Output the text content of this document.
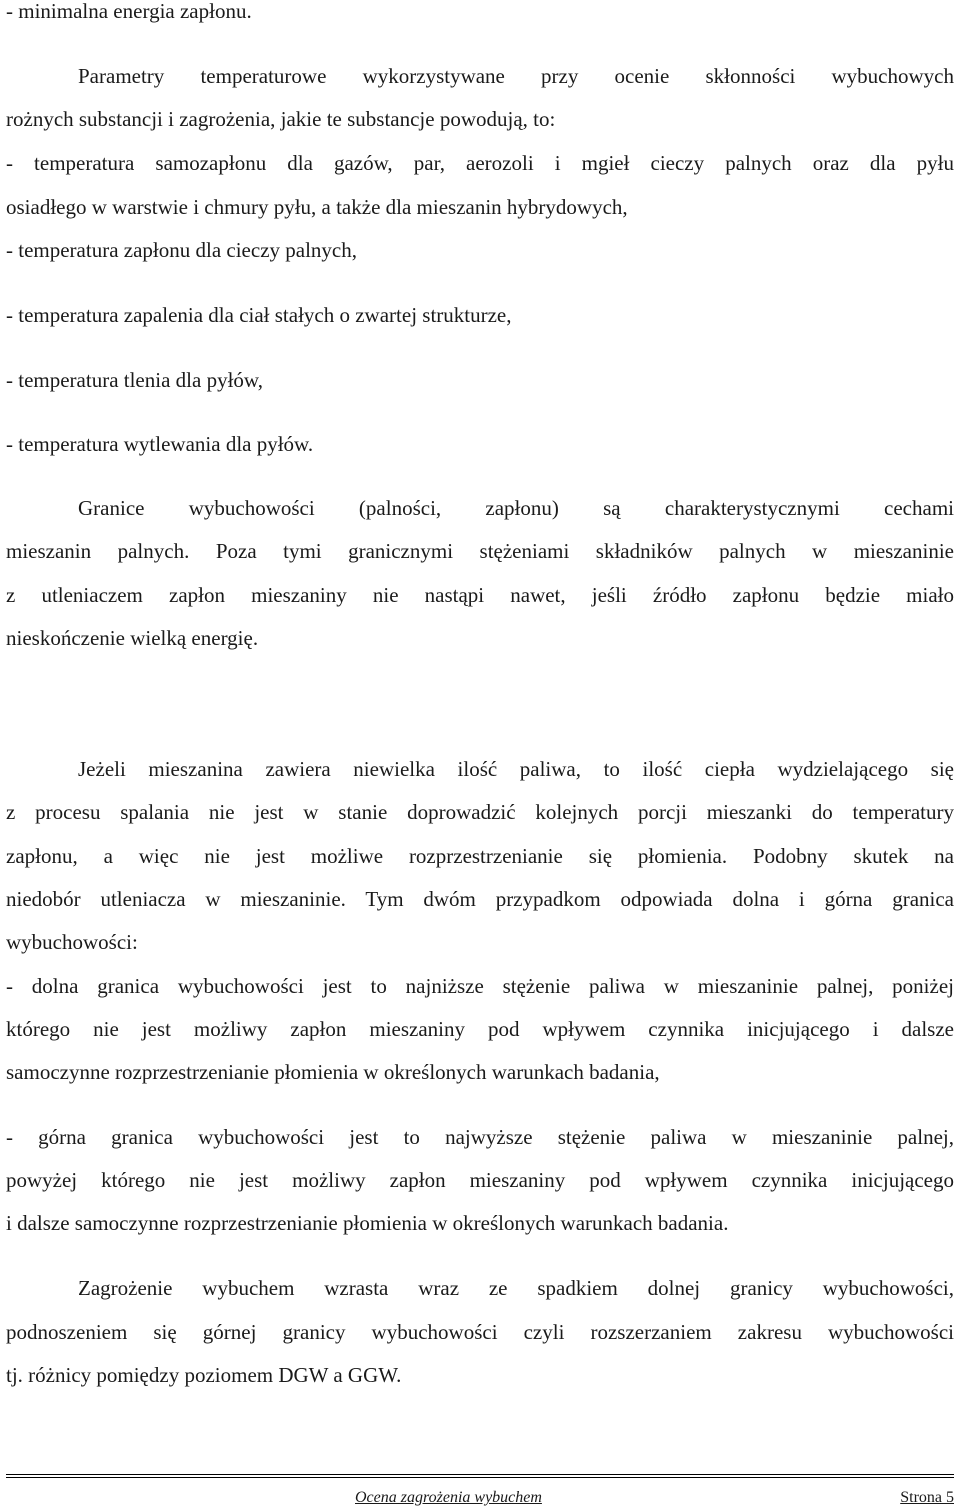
- minimalna energia zapłonu.
Parametry temperaturowe wykorzystywane przy ocenie skłonności wybuchowych
rożnych substancji i zagrożenia, jakie te substancje powodują, to:
- temperatura samozapłonu dla gazów, par, aerozoli i mgieł cieczy palnych oraz dla pyłu
osiadłego w warstwie i chmury pyłu, a także dla mieszanin hybrydowych,
- temperatura zapłonu dla cieczy palnych,
- temperatura zapalenia dla ciał stałych o zwartej strukturze,
- temperatura tlenia dla pyłów,
- temperatura wytlewania dla pyłów.
Granice wybuchowości (palności, zapłonu) są charakterystycznymi cechami
mieszanin palnych. Poza tymi granicznymi stężeniami składników palnych w mieszaninie
z utleniaczem zapłon mieszaniny nie nastąpi nawet, jeśli źródło zapłonu będzie miało
nieskończenie wielką energię.
Jeżeli mieszanina zawiera niewielka ilość paliwa, to ilość ciepła wydzielającego się
z procesu spalania nie jest w stanie doprowadzić kolejnych porcji mieszanki do temperatury
zapłonu, a więc nie jest możliwe rozprzestrzenianie się płomienia. Podobny skutek na
niedobór utleniacza w mieszaninie. Tym dwóm przypadkom odpowiada dolna i górna granica
wybuchowości:
- dolna granica wybuchowości jest to najniższe stężenie paliwa w mieszaninie palnej, poniżej
którego nie jest możliwy zapłon mieszaniny pod wpływem czynnika inicjującego i dalsze
samoczynne rozprzestrzenianie płomienia w określonych warunkach badania,
- górna granica wybuchowości jest to najwyższe stężenie paliwa w mieszaninie palnej,
powyżej którego nie jest możliwy zapłon mieszaniny pod wpływem czynnika inicjującego
i dalsze samoczynne rozprzestrzenianie płomienia w określonych warunkach badania.
Zagrożenie wybuchem wzrasta wraz ze spadkiem dolnej granicy wybuchowości,
podnoszeniem się górnej granicy wybuchowości czyli rozszerzaniem zakresu wybuchowości
tj. różnicy pomiędzy poziomem DGW a GGW.
Ocena zagrożenia wybuchem	Strona 5
